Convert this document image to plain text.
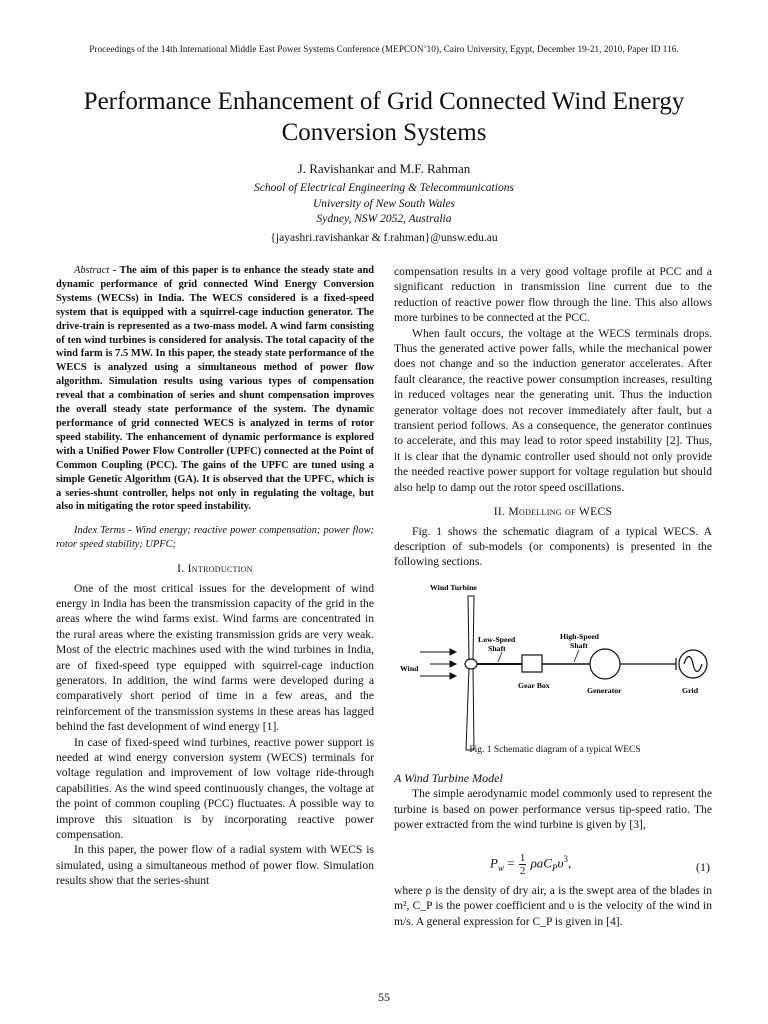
Proceedings of the 14th International Middle East Power Systems Conference (MEPCON’10), Cairo University, Egypt, December 19-21, 2010, Paper ID 116.
Performance Enhancement of Grid Connected Wind Energy Conversion Systems
J. Ravishankar and M.F. Rahman
School of Electrical Engineering & Telecommunications
University of New South Wales
Sydney, NSW 2052, Australia
{jayashri.ravishankar & f.rahman}@unsw.edu.au

Abstract - The aim of this paper is to enhance the steady state and dynamic performance of grid connected Wind Energy Conversion Systems (WECSs) in India. The WECS considered is a fixed-speed system that is equipped with a squirrel-cage induction generator. The drive-train is represented as a two-mass model. A wind farm consisting of ten wind turbines is considered for analysis. The total capacity of the wind farm is 7.5 MW. In this paper, the steady state performance of the WECS is analyzed using a simultaneous method of power flow algorithm. Simulation results using various types of compensation reveal that a combination of series and shunt compensation improves the overall steady state performance of the system. The dynamic performance of grid connected WECS is analyzed in terms of rotor speed stability. The enhancement of dynamic performance is explored with a Unified Power Flow Controller (UPFC) connected at the Point of Common Coupling (PCC). The gains of the UPFC are tuned using a simple Genetic Algorithm (GA). It is observed that the UPFC, which is a series-shunt controller, helps not only in regulating the voltage, but also in mitigating the rotor speed instability.

Index Terms - Wind energy; reactive power compensation; power flow; rotor speed stability; UPFC;

I. Introduction

One of the most critical issues for the development of wind energy in India has been the transmission capacity of the grid in the areas where the wind farms exist. Wind farms are concentrated in the rural areas where the existing transmission grids are very weak. Most of the electric machines used with the wind turbines in India, are of fixed-speed type equipped with squirrel-cage induction generators. In addition, the wind farms were developed during a comparatively short period of time in a few areas, and the reinforcement of the transmission systems in these areas has lagged behind the fast development of wind energy [1].

In case of fixed-speed wind turbines, reactive power support is needed at wind energy conversion system (WECS) terminals for voltage regulation and improvement of low voltage ride-through capabilities. As the wind speed continuously changes, the voltage at the point of common coupling (PCC) fluctuates. A possible way to improve this situation is by incorporating reactive power compensation.

In this paper, the power flow of a radial system with WECS is simulated, using a simultaneous method of power flow. Simulation results show that the series-shunt

compensation results in a very good voltage profile at PCC and a significant reduction in transmission line current due to the reduction of reactive power flow through the line. This also allows more turbines to be connected at the PCC.

When fault occurs, the voltage at the WECS terminals drops. Thus the generated active power falls, while the mechanical power does not change and so the induction generator accelerates. After fault clearance, the reactive power consumption increases, resulting in reduced voltages near the generating unit. Thus the induction generator voltage does not recover immediately after fault, but a transient period follows. As a consequence, the generator continues to accelerate, and this may lead to rotor speed instability [2]. Thus, it is clear that the dynamic controller used should not only provide the needed reactive power support for voltage regulation but should also help to damp out the rotor speed oscillations.

II. Modelling of WECS

Fig. 1 shows the schematic diagram of a typical WECS. A description of sub-models (or components) is presented in the following sections.

Wind Turbine
Wind
Low-Speed
Shaft
Gear Box
High-Speed
Shaft
Generator	Grid
Fig. 1 Schematic diagram of a typical WECS

A Wind Turbine Model

The simple aerodynamic model commonly used to represent the turbine is based on power performance versus tip-speed ratio. The power extracted from the wind turbine is given by [3],

$P_w = \frac{1}{2} \rho aC_P\upsilon^3$,	(1)

where ρ is the density of dry air, a is the swept area of the blades in m², C_P is the power coefficient and υ is the velocity of the wind in m/s. A general expression for C_P is given in [4].

55
